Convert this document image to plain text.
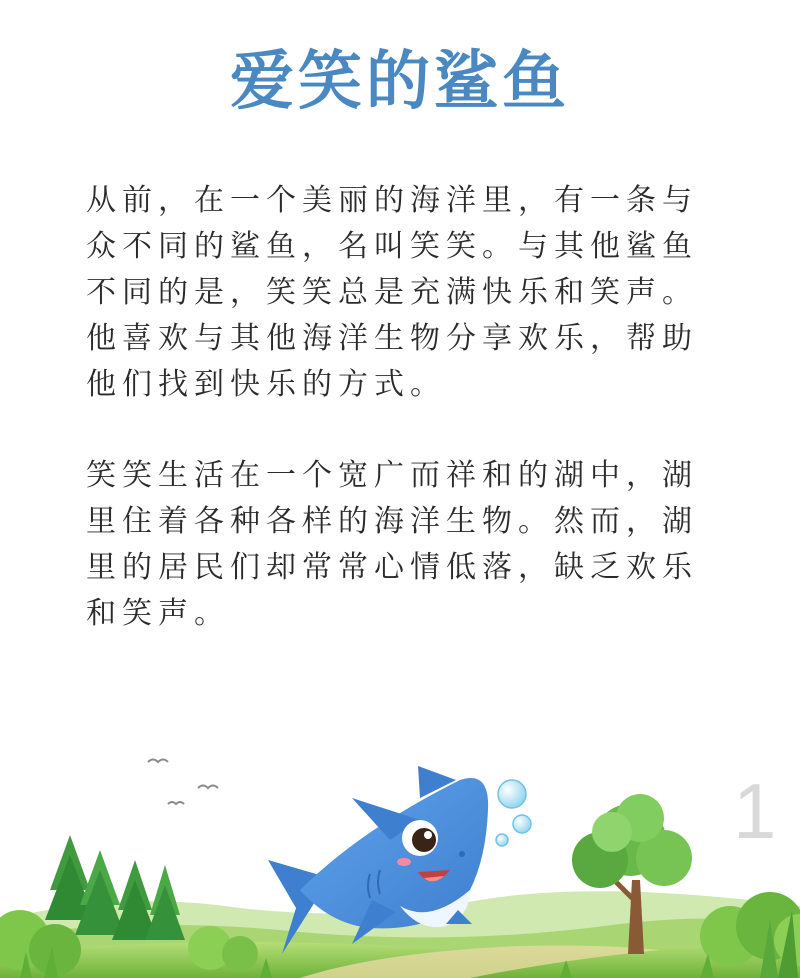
爱笑的鲨鱼

从前，在一个美丽的海洋里，有一条与众不同的鲨鱼，名叫笑笑。与其他鲨鱼不同的是，笑笑总是充满快乐和笑声。他喜欢与其他海洋生物分享欢乐，帮助他们找到快乐的方式。

笑笑生活在一个宽广而祥和的湖中，湖里住着各种各样的海洋生物。然而，湖里的居民们却常常心情低落，缺乏欢乐和笑声。

1
